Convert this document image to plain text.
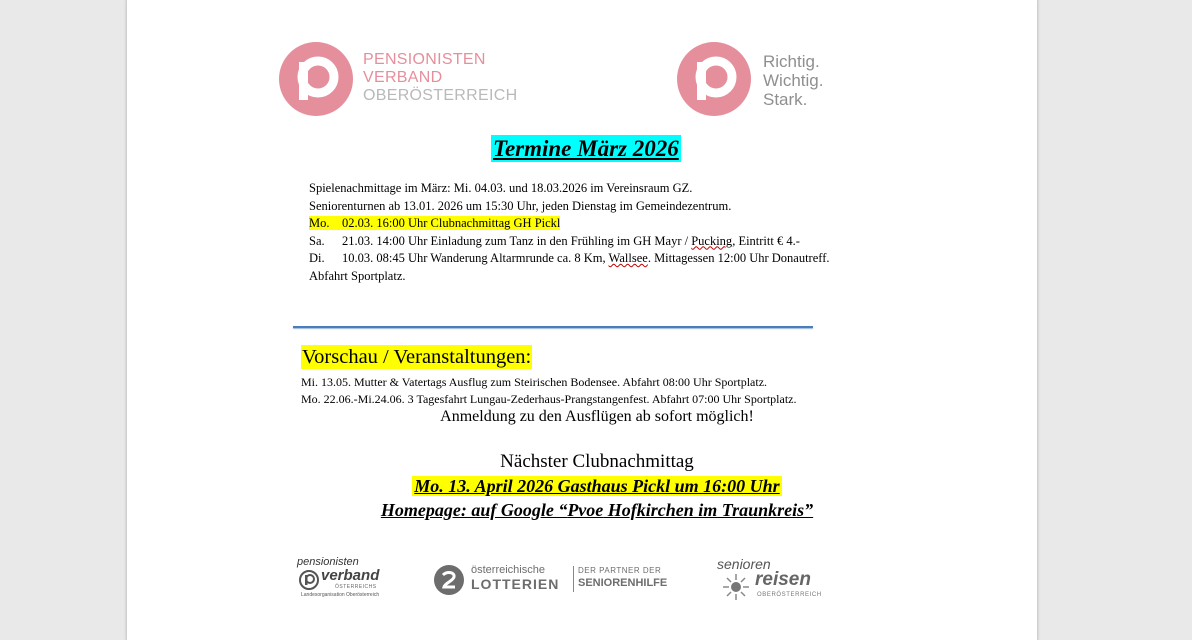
PENSIONISTEN
VERBAND
OBERÖSTERREICH
Richtig.
Wichtig.
Stark.
Termine März 2026
Spielenachmittage im März: Mi. 04.03. und 18.03.2026 im Vereinsraum GZ.
Seniorenturnen ab 13.01. 2026 um 15:30 Uhr, jeden Dienstag im Gemeindezentrum.
Mo. 02.03. 16:00 Uhr Clubnachmittag GH Pickl
Sa. 21.03. 14:00 Uhr Einladung zum Tanz in den Frühling im GH Mayr / Pucking, Eintritt € 4.-
Di. 10.03. 08:45 Uhr Wanderung Altarmrunde ca. 8 Km, Wallsee. Mittagessen 12:00 Uhr Donautreff.
Abfahrt Sportplatz.
Vorschau / Veranstaltungen:
Mi. 13.05. Mutter & Vatertags Ausflug zum Steirischen Bodensee. Abfahrt 08:00 Uhr Sportplatz.
Mo. 22.06.-Mi.24.06. 3 Tagesfahrt Lungau-Zederhaus-Prangstangenfest. Abfahrt 07:00 Uhr Sportplatz.
Anmeldung zu den Ausflügen ab sofort möglich!
Nächster Clubnachmittag
Mo. 13. April 2026 Gasthaus Pickl um 16:00 Uhr
Homepage: auf Google “Pvoe Hofkirchen im Traunkreis”
pensionisten
verband
ÖSTERREICHS
Landesorganisation Oberösterreich
österreichische
LOTTERIEN
DER PARTNER DER
SENIORENHILFE
senioren
reisen
OBERÖSTERREICH
